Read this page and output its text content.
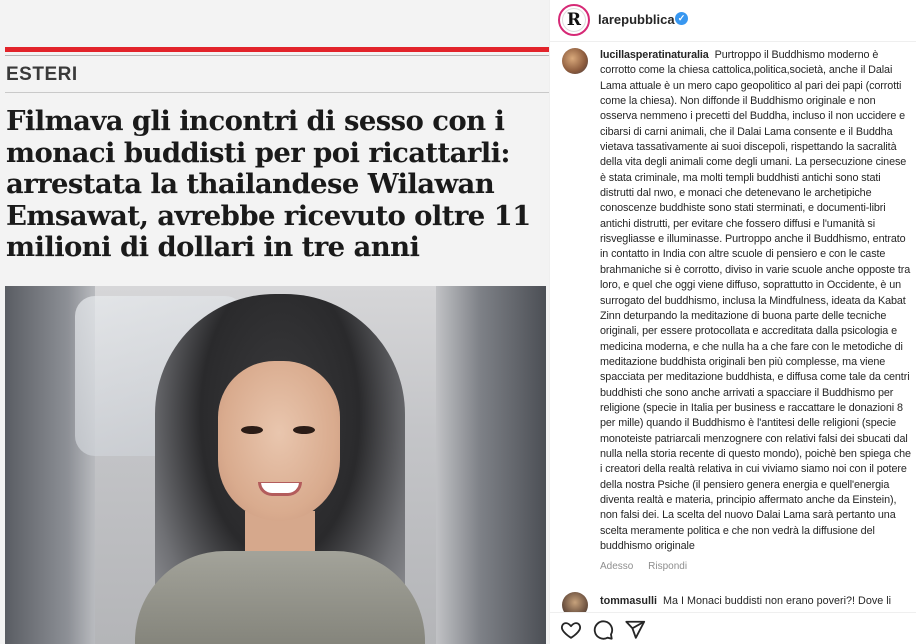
ESTERI
Filmava gli incontri di sesso con i monaci buddisti per poi ricattarli: arrestata la thailandese Wilawan Emsawat, avrebbe ricevuto oltre 11 milioni di dollari in tre anni
R	larepubblica ✓
lucillasperatinaturalia Purtroppo il Buddhismo moderno è corrotto come la chiesa cattolica,politica,società, anche il Dalai Lama attuale è un mero capo geopolitico al pari dei papi (corrotti come la chiesa). Non diffonde il Buddhismo originale e non osserva nemmeno i precetti del Buddha, incluso il non uccidere e cibarsi di carni animali, che il Dalai Lama consente e il Buddha vietava tassativamente ai suoi discepoli, rispettando la sacralità della vita degli animali come degli umani. La persecuzione cinese è stata criminale, ma molti templi buddhisti antichi sono stati distrutti dal nwo, e monaci che detenevano le archetipiche conoscenze buddhiste sono stati sterminati, e documenti-libri antichi distrutti, per evitare che fossero diffusi e l'umanità si risvegliasse e illuminasse. Purtroppo anche il Buddhismo, entrato in contatto in India con altre scuole di pensiero e con le caste brahmaniche si è corrotto, diviso in varie scuole anche opposte tra loro, e quel che oggi viene diffuso, soprattutto in Occidente, è un surrogato del buddhismo, inclusa la Mindfulness, ideata da Kabat Zinn deturpando la meditazione di buona parte delle tecniche originali, per essere protocollata e accreditata dalla psicologia e medicina moderna, e che nulla ha a che fare con le metodiche di meditazione buddhista originali ben più complesse, ma viene spacciata per meditazione buddhista, e diffusa come tale da centri buddhisti che sono anche arrivati a spacciare il Buddhismo per religione (specie in Italia per business e raccattare le donazioni 8 per mille) quando il Buddhismo è l'antitesi delle religioni (specie monoteiste patriarcali menzognere con relativi falsi dei sbucati dal nulla nella storia recente di questo mondo), poichè ben spiega che i creatori della realtà relativa in cui viviamo siamo noi con il potere della nostra Psiche (il pensiero genera energia e quell'energia diventa realtà e materia, principio affermato anche da Einstein), non falsi dei. La scelta del nuovo Dalai Lama sarà pertanto una scelta meramente politica e che non vedrà la diffusione del buddhismo originale
Adesso Rispondi
tommasulli Ma I Monaci buddisti non erano poveri?! Dove li
